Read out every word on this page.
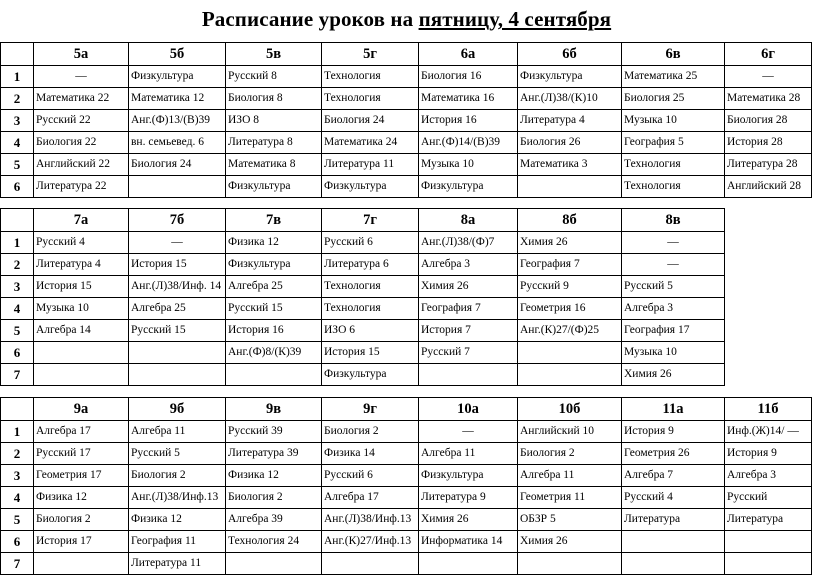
Расписание уроков на пятницу, 4 сентября
	5а	5б	5в	5г	6а	6б	6в	6г
1	—	Физкультура	Русский 8	Технология	Биология 16	Физкультура	Математика 25	—
2	Математика 22	Математика 12	Биология 8	Технология	Математика 16	Анг.(Л)38/(К)10	Биология 25	Математика 28
3	Русский 22	Анг.(Ф)13/(В)39	ИЗО 8	Биология 24	История 16	Литература 4	Музыка 10	Биология 28
4	Биология 22	вн. семьевед. 6	Литература 8	Математика 24	Анг.(Ф)14/(В)39	Биология 26	География 5	История 28
5	Английский 22	Биология 24	Математика 8	Литература 11	Музыка 10	Математика 3	Технология	Литература 28
6	Литература 22		Физкультура	Физкультура	Физкультура		Технология	Английский 28
	7а	7б	7в	7г	8а	8б	8в	
1	Русский 4	—	Физика 12	Русский 6	Анг.(Л)38/(Ф)7	Химия 26	—	
2	Литература 4	История 15	Физкультура	Литература 6	Алгебра 3	География 7	—	
3	История 15	Анг.(Л)38/Инф. 14	Алгебра 25	Технология	Химия 26	Русский 9	Русский 5	
4	Музыка 10	Алгебра 25	Русский 15	Технология	География 7	Геометрия 16	Алгебра 3	
5	Алгебра 14	Русский 15	История 16	ИЗО 6	История 7	Анг.(К)27/(Ф)25	География 17	
6			Анг.(Ф)8/(К)39	История 15	Русский 7		Музыка 10	
7				Физкультура			Химия 26	
	9а	9б	9в	9г	10а	10б	11а	11б
1	Алгебра 17	Алгебра 11	Русский 39	Биология 2	—	Английский 10	История 9	Инф.(Ж)14/ —
2	Русский 17	Русский 5	Литература 39	Физика 14	Алгебра 11	Биология 2	Геометрия 26	История 9
3	Геометрия 17	Биология 2	Физика 12	Русский 6	Физкультура	Алгебра 11	Алгебра 7	Алгебра 3
4	Физика 12	Анг.(Л)38/Инф.13	Биология 2	Алгебра 17	Литература 9	Геометрия 11	Русский 4	Русский
5	Биология 2	Физика 12	Алгебра 39	Анг.(Л)38/Инф.13	Химия 26	ОБЗР 5	Литература	Литература
6	История 17	География 11	Технология 24	Анг.(К)27/Инф.13	Информатика 14	Химия 26		
7		Литература 11						
